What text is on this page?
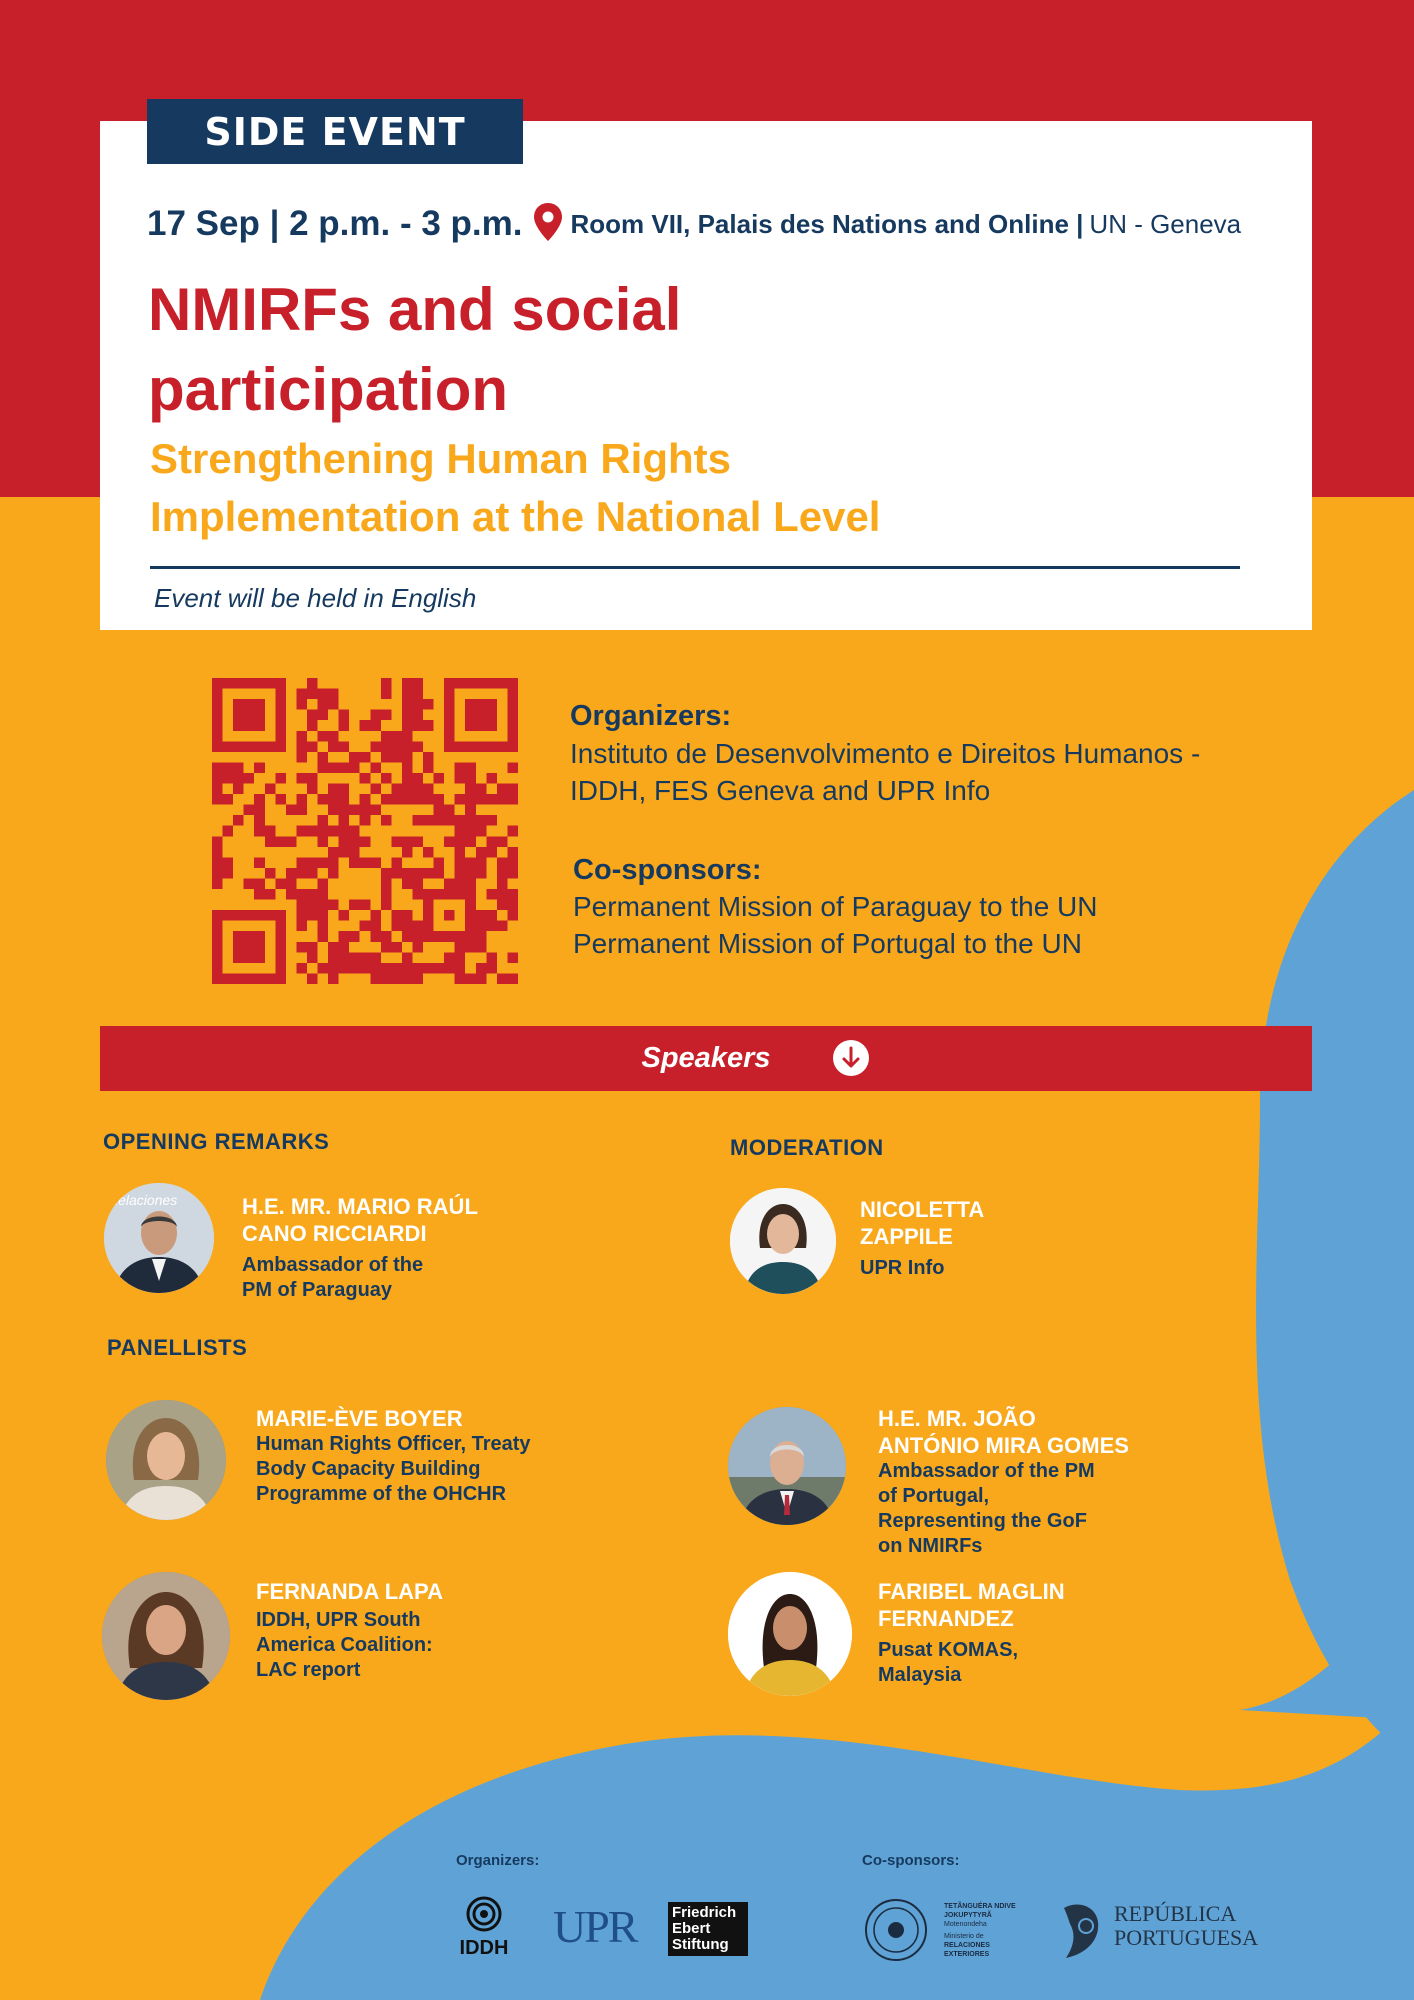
SIDE EVENT
17 Sep | 2 p.m. - 3 p.m. Room VII, Palais des Nations and Online | UN - Geneva
NMIRFs and social
participation
Strengthening Human Rights
Implementation at the National Level
Event will be held in English
Organizers:
Instituto de Desenvolvimento e Direitos Humanos -
IDDH, FES Geneva and UPR Info
Co-sponsors:
Permanent Mission of Paraguay to the UN
Permanent Mission of Portugal to the UN
Speakers
OPENING REMARKS	MODERATION
PANELLISTS
Relaciones	H.E. MR. MARIO RAÚL
CANO RICCIARDI
Ambassador of the
PM of Paraguay
NICOLETTA
ZAPPILE
UPR Info
MARIE-ÈVE BOYER
Human Rights Officer, Treaty
Body Capacity Building
Programme of the OHCHR
H.E. MR. JOÃO
ANTÓNIO MIRA GOMES
Ambassador of the PM
of Portugal,
Representing the GoF
on NMIRFs
FERNANDA LAPA
IDDH, UPR South
America Coalition:
LAC report
FARIBEL MAGLIN
FERNANDEZ
Pusat KOMAS,
Malaysia
Organizers:	Co-sponsors:
IDDH UPR Friedrich
Ebert
Stiftung
TETÃNGUÉRA NDIVE
JOKUPYTYRÃ
Motenondeha
Ministerio de
RELACIONES
EXTERIORES
REPÚBLICA
PORTUGUESA
